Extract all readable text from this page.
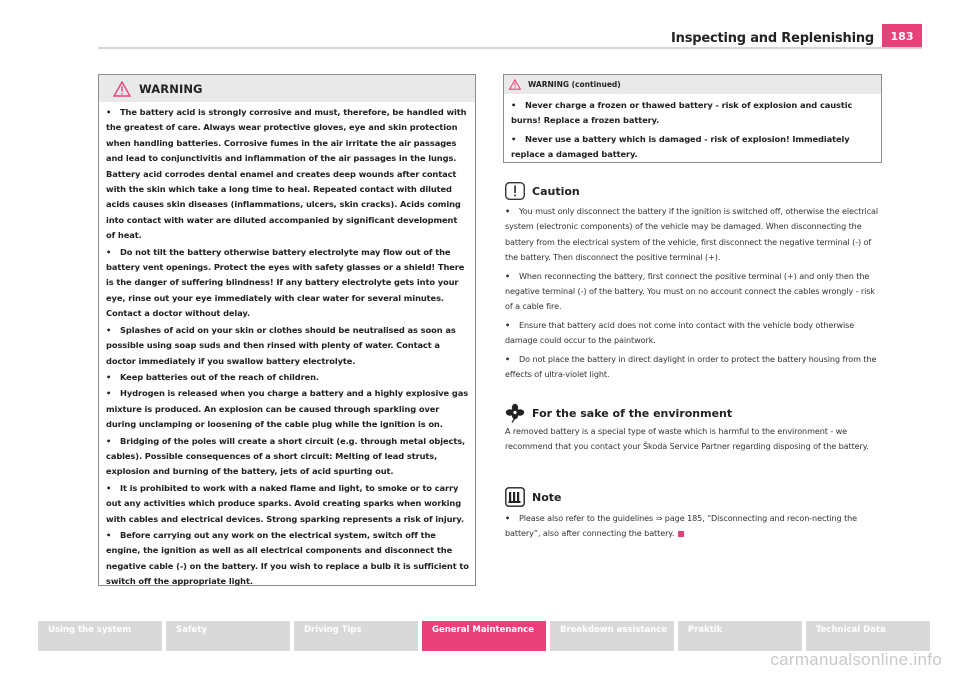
Inspecting and Replenishing	183
WARNING
• The battery acid is strongly corrosive and must, therefore, be handled with the greatest of care. Always wear protective gloves, eye and skin protection when handling batteries. Corrosive fumes in the air irritate the air passages and lead to conjunctivitis and inflammation of the air passages in the lungs. Battery acid corrodes dental enamel and creates deep wounds after contact with the skin which take a long time to heal. Repeated contact with diluted acids causes skin diseases (inflammations, ulcers, skin cracks). Acids coming into contact with water are diluted accompanied by significant development of heat.
• Do not tilt the battery otherwise battery electrolyte may flow out of the battery vent openings. Protect the eyes with safety glasses or a shield! There is the danger of suffering blindness! If any battery electrolyte gets into your eye, rinse out your eye immediately with clear water for several minutes. Contact a doctor without delay.
• Splashes of acid on your skin or clothes should be neutralised as soon as possible using soap suds and then rinsed with plenty of water. Contact a doctor immediately if you swallow battery electrolyte.
• Keep batteries out of the reach of children.
• Hydrogen is released when you charge a battery and a highly explosive gas mixture is produced. An explosion can be caused through sparkling over during unclamping or loosening of the cable plug while the ignition is on.
• Bridging of the poles will create a short circuit (e.g. through metal objects, cables). Possible consequences of a short circuit: Melting of lead struts, explosion and burning of the battery, jets of acid spurting out.
• It is prohibited to work with a naked flame and light, to smoke or to carry out any activities which produce sparks. Avoid creating sparks when working with cables and electrical devices. Strong sparking represents a risk of injury.
• Before carrying out any work on the electrical system, switch off the engine, the ignition as well as all electrical components and disconnect the negative cable (-) on the battery. If you wish to replace a bulb it is sufficient to switch off the appropriate light.
WARNING (continued)
• Never charge a frozen or thawed battery - risk of explosion and caustic burns! Replace a frozen battery.
• Never use a battery which is damaged - risk of explosion! Immediately replace a damaged battery.
Caution
• You must only disconnect the battery if the ignition is switched off, otherwise the electrical system (electronic components) of the vehicle may be damaged. When disconnecting the battery from the electrical system of the vehicle, first disconnect the negative terminal (-) of the battery. Then disconnect the positive terminal (+).
• When reconnecting the battery, first connect the positive terminal (+) and only then the negative terminal (-) of the battery. You must on no account connect the cables wrongly - risk of a cable fire.
• Ensure that battery acid does not come into contact with the vehicle body otherwise damage could occur to the paintwork.
• Do not place the battery in direct daylight in order to protect the battery housing from the effects of ultra-violet light.
For the sake of the environment
A removed battery is a special type of waste which is harmful to the environment - we recommend that you contact your Škoda Service Partner regarding disposing of the battery.
Note
• Please also refer to the guidelines ⇒ page 185, “Disconnecting and recon-necting the battery”, also after connecting the battery.
Using the system	Safety	Driving Tips	General Maintenance	Breakdown assistance	Praktik	Technical Data
carmanualsonline.info
